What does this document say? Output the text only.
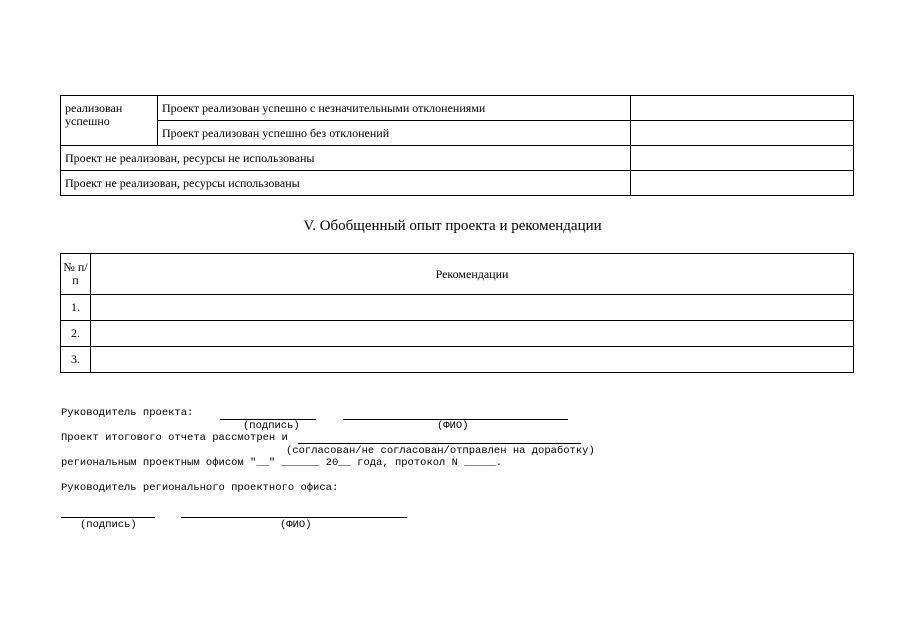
реализован успешно	Проект реализован успешно с незначительными отклонениями	
	Проект реализован успешно без отклонений	
Проект не реализован, ресурсы не использованы		
Проект не реализован, ресурсы использованы		
V. Обобщенный опыт проекта и рекомендации
№ п/п	Рекомендации
1.	
2.	
3.	
Руководитель проекта:
(подпись)	(ФИО)
Проект итогового отчета рассмотрен и
(согласован/не согласован/отправлен на доработку)
региональным проектным офисом "__" ______ 20__ года, протокол N _____.
Руководитель регионального проектного офиса:
(подпись)	(ФИО)
